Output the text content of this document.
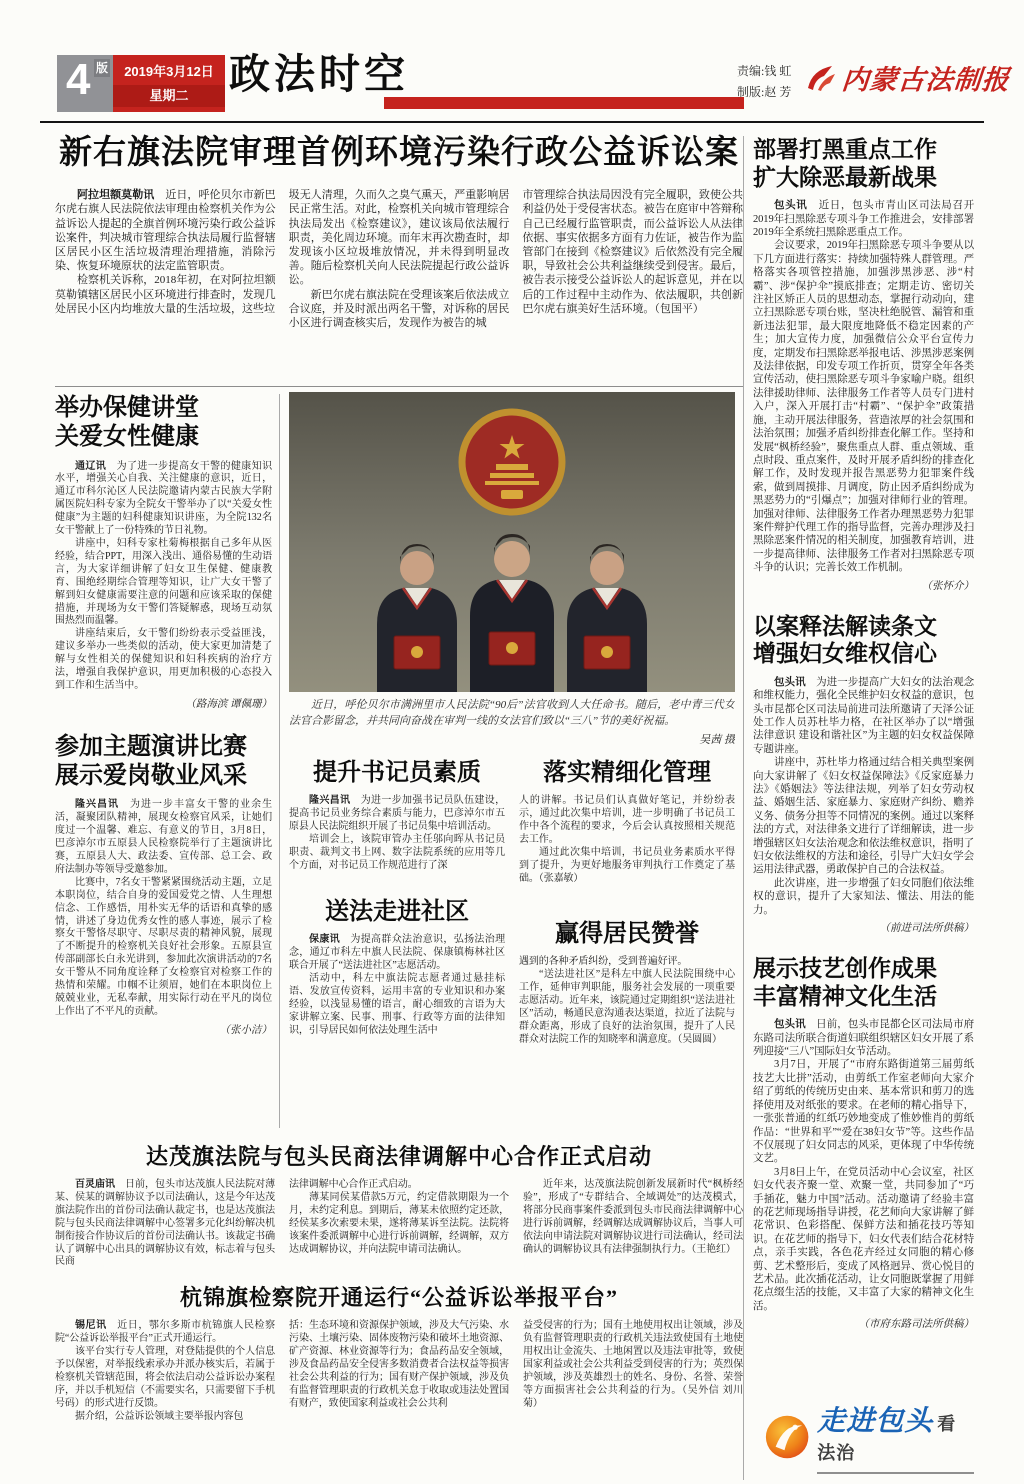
4 版	2019年3月12日
星期二 政法时空	责编:钱 虹
制版:赵 芳 内蒙古法制报
新右旗法院审理首例环境污染行政公益诉讼案

阿拉坦额莫勒讯　近日，呼伦贝尔市新巴尔虎右旗人民法院依法审理由检察机关作为公益诉讼人提起的全旗首例环境污染行政公益诉讼案件，判决城市管理综合执法局履行监督辖区居民小区生活垃圾清理治理措施，消除污染、恢复环境原状的法定监管职责。

检察机关诉称，2018年初，在对阿拉坦额莫勒镇辖区居民小区环境进行排查时，发现几处居民小区内均堆放大量的生活垃圾，这些垃

圾无人清理，久而久之臭气熏天，严重影响居民正常生活。对此，检察机关向城市管理综合执法局发出《检察建议》，建议该局依法履行职责，美化周边环境。而年末再次勘查时，却发现该小区垃圾堆放情况，并未得到明显改善。随后检察机关向人民法院提起行政公益诉讼。

新巴尔虎右旗法院在受理该案后依法成立合议庭，并及时派出两名干警，对诉称的居民小区进行调查核实后，发现作为被告的城

市管理综合执法局因没有完全履职，致使公共利益仍处于受侵害状态。被告在庭审中答辩称自己已经履行监管职责，而公益诉讼人从法律依据、事实依据多方面有力佐证，被告作为监管部门在接到《检察建议》后依然没有完全履职，导致社会公共利益继续受到侵害。最后，被告表示接受公益诉讼人的起诉意见，并在以后的工作过程中主动作为、依法履职，共创新巴尔虎右旗美好生活环境。（包国平）

举办保健讲堂
关爱女性健康

通辽讯　为了进一步提高女干警的健康知识水平，增强关心自我、关注健康的意识，近日，通辽市科尔沁区人民法院邀请内蒙古民族大学附属医院妇科专家为全院女干警举办了以“关爱女性健康”为主题的妇科健康知识讲座，为全院132名女干警献上了一份特殊的节日礼物。

讲座中，妇科专家杜菊梅根据自己多年从医经验，结合PPT，用深入浅出、通俗易懂的生动语言，为大家详细讲解了妇女卫生保健、健康教育、围绝经期综合管理等知识，让广大女干警了解到妇女健康需要注意的问题和应该采取的保健措施，并现场为女干警们答疑解惑，现场互动氛围热烈而温馨。

讲座结束后，女干警们纷纷表示受益匪浅，建议多举办一些类似的活动，使大家更加清楚了解与女性相关的保健知识和妇科疾病的治疗方法，增强自我保护意识，用更加积极的心态投入到工作和生活当中。

（路海滨 谭佩珊）
参加主题演讲比赛
展示爱岗敬业风采

隆兴昌讯　为进一步丰富女干警的业余生活，凝聚团队精神，展现女检察官风采，让她们度过一个温馨、难忘、有意义的节日，3月8日，巴彦淖尔市五原县人民检察院举行了主题演讲比赛，五原县人大、政法委、宣传部、总工会、政府法制办等领导受邀参加。

比赛中，7名女干警紧紧围绕活动主题，立足本职岗位，结合自身的爱国爱党之情、人生理想信念、工作感悟，用朴实无华的话语和真挚的感情，讲述了身边优秀女性的感人事迹，展示了检察女干警恪尽职守、尽职尽责的精神风貌，展现了不断提升的检察机关良好社会形象。五原县宣传部副部长白永光讲到，参加此次演讲活动的7名女干警从不同角度诠释了女检察官对检察工作的热情和荣耀。巾帼不让须眉，她们在本职岗位上兢兢业业，无私奉献，用实际行动在平凡的岗位上作出了不平凡的贡献。

（张小洁）
近日，呼伦贝尔市满洲里市人民法院“90后”法官收到人大任命书。随后，老中青三代女法官合影留念，并共同向奋战在审判一线的女法官们致以“三八”节的美好祝福。
吴茜 摄
提升书记员素质

隆兴昌讯　为进一步加强书记员队伍建设，提高书记员业务综合素质与能力，巴彦淖尔市五原县人民法院组织开展了书记员集中培训活动。

培训会上，该院审管办主任邬向晖从书记员职责、裁判文书上网、数字法院系统的应用等几个方面，对书记员工作规范进行了深

落实精细化管理

人的讲解。书记员们认真做好笔记，并纷纷表示，通过此次集中培训，进一步明确了书记员工作中各个流程的要求，今后会认真按照相关规范去工作。

通过此次集中培训，书记员业务素质水平得到了提升，为更好地服务审判执行工作奠定了基础。（张嘉敏）

送法走进社区

保康讯　为提高群众法治意识，弘扬法治理念，通辽市科左中旗人民法院、保康镇梅林社区联合开展了“送法进社区”志愿活动。

活动中，科左中旗法院志愿者通过悬挂标语、发放宣传资料，运用丰富的专业知识和办案经验，以浅显易懂的语言，耐心细致的言语为大家讲解立案、民事、刑事、行政等方面的法律知识，引导居民如何依法处理生活中

赢得居民赞誉

遇到的各种矛盾纠纷，受到普遍好评。

“送法进社区”是科左中旗人民法院围绕中心工作，延伸审判职能，服务社会发展的一项重要志愿活动。近年来，该院通过定期组织“送法进社区”活动，畅通民意沟通表达渠道，拉近了法院与群众距离，形成了良好的法治氛围，提升了人民群众对法院工作的知晓率和满意度。（吴圆圆）

部署打黑重点工作
扩大除恶最新战果

包头讯　近日，包头市青山区司法局召开2019年扫黑除恶专项斗争工作推进会，安排部署2019年全系统扫黑除恶重点工作。

会议要求，2019年扫黑除恶专项斗争要从以下几方面进行落实：持续加强特殊人群管理。严格落实各项管控措施，加强涉黑涉恶、涉“村霸”、涉“保护伞”摸底排查；定期走访、密切关注社区矫正人员的思想动态，掌握行动动向，建立扫黑除恶专项台账，坚决杜绝脱管、漏管和重新违法犯罪，最大限度地降低不稳定因素的产生；加大宣传力度，加强微信公众平台宣传力度，定期发布扫黑除恶举报电话、涉黑涉恶案例及法律依据，印发专项工作折页，贯穿全年各类宣传活动，使扫黑除恶专项斗争家喻户晓。组织法律援助律师、法律服务工作者等人员专门进村入户，深入开展打击“村霸”、“保护伞”政策措施，主动开展法律服务，营造浓厚的社会氛围和法治氛围；加强矛盾纠纷排查化解工作。坚持和发展“枫桥经验”，聚焦重点人群、重点领域、重点时段、重点案件，及时开展矛盾纠纷的排查化解工作，及时发现并报告黑恶势力犯罪案件线索，做到周摸排、月调度，防止因矛盾纠纷成为黑恶势力的“引爆点”；加强对律师行业的管理。加强对律师、法律服务工作者办理黑恶势力犯罪案件辩护代理工作的指导监督，完善办理涉及扫黑除恶案件情况的相关制度，加强教育培训，进一步提高律师、法律服务工作者对扫黑除恶专项斗争的认识；完善长效工作机制。

（张怀介）
以案释法解读条文
增强妇女维权信心

包头讯　为进一步提高广大妇女的法治观念和维权能力，强化全民维护妇女权益的意识，包头市昆都仑区司法局前进司法所邀请了天泽公证处工作人员苏杜毕力格，在社区举办了以“增强法律意识 建设和谐社区”为主题的妇女权益保障专题讲座。

讲座中，苏杜毕力格通过结合相关典型案例向大家讲解了《妇女权益保障法》《反家庭暴力法》《婚姻法》等法律法规，列举了妇女劳动权益、婚姻生活、家庭暴力、家庭财产纠纷、赡养义务、债务分担等不同情况的案例。通过以案释法的方式，对法律条文进行了详细解读，进一步增强辖区妇女法治观念和依法维权意识，指明了妇女依法维权的方法和途径，引导广大妇女学会运用法律武器，勇敢保护自己的合法权益。

此次讲座，进一步增强了妇女同胞们依法维权的意识，提升了大家知法、懂法、用法的能力。

（前进司法所供稿）
展示技艺创作成果
丰富精神文化生活

包头讯　日前，包头市昆都仑区司法局市府东路司法所联合街道妇联组织辖区妇女开展了系列迎接“三八”国际妇女节活动。

3月7日，开展了“市府东路街道第三届剪纸技艺大比拼”活动，由剪纸工作室老师向大家介绍了剪纸的传统历史由来、基本常识和剪刀的选择使用及对纸张的要求。在老师的精心指导下，一张张普通的红纸巧妙地变成了惟妙惟肖的剪纸作品：“世界和平”“爱在38妇女节”等。这些作品不仅展现了妇女同志的风采，更体现了中华传统文艺。

3月8日上午，在党员活动中心会议室，社区妇女代表齐聚一堂、欢聚一堂，共同参加了“巧手插花，魅力中国”活动。活动邀请了经验丰富的花艺师现场指导讲授，花艺师向大家讲解了鲜花常识、色彩搭配、保鲜方法和插花技巧等知识。在花艺师的指导下，妇女代表们结合花材特点，亲手实践，各色花卉经过女同胞的精心修剪、艺术整形后，变成了风格迥异、赏心悦目的艺术品。此次插花活动，让女同胞既掌握了用鲜花点缀生活的技能，又丰富了大家的精神文化生活。

（市府东路司法所供稿）
走进包头 看法治
达茂旗法院与包头民商法律调解中心合作正式启动

百灵庙讯　日前，包头市达茂旗人民法院对薄某、侯某的调解协议予以司法确认，这是今年达茂旗法院作出的首份司法确认裁定书，也是达茂旗法院与包头民商法律调解中心签署多元化纠纷解决机制衔接合作协议后的首份司法确认书。该裁定书确认了调解中心出具的调解协议有效，标志着与包头民商

法律调解中心合作正式启动。

薄某同侯某借款5万元，约定借款期限为一个月，未约定利息。到期后，薄某未依照约定还款，经侯某多次索要未果，遂将薄某诉至法院。法院将该案件委派调解中心进行诉前调解，经调解，双方达成调解协议，并向法院申请司法确认。

近年来，达茂旗法院创新发展新时代“枫桥经验”，形成了“专群结合、全域调处”的达茂模式，将部分民商事案件委派到包头市民商法律调解中心进行诉前调解，经调解达成调解协议后，当事人可依法向申请法院对调解协议进行司法确认，经司法确认的调解协议具有法律强制执行力。（王艳红）

杭锦旗检察院开通运行“公益诉讼举报平台”

锡尼讯　近日，鄂尔多斯市杭锦旗人民检察院“公益诉讼举报平台”正式开通运行。

该平台实行专人管理，对登陆提供的个人信息予以保密，对举报线索承办并派办核实后，若属于检察机关管辖范围，将会依法启动公益诉讼办案程序，并以手机短信（不需要实名，只需要留下手机号码）的形式进行反馈。

据介绍，公益诉讼领域主要举报内容包

括：生态环境和资源保护领域，涉及大气污染、水污染、土壤污染、固体废物污染和破坏土地资源、矿产资源、林业资源等行为；食品药品安全领域，涉及食品药品安全侵害多数消费者合法权益等损害社会公共利益的行为；国有财产保护领域，涉及负有监督管理职责的行政机关怠于收取或违法处置国有财产，致使国家利益或社会公共利

益受侵害的行为；国有土地使用权出让领域，涉及负有监督管理职责的行政机关违法致使国有土地使用权出让金流失、土地闲置以及违法审批等，致使国家利益或社会公共利益受到侵害的行为；英烈保护领域，涉及英雄烈士的姓名、身份、名誉、荣誉等方面损害社会公共利益的行为。（吴外信 刘川菊）
